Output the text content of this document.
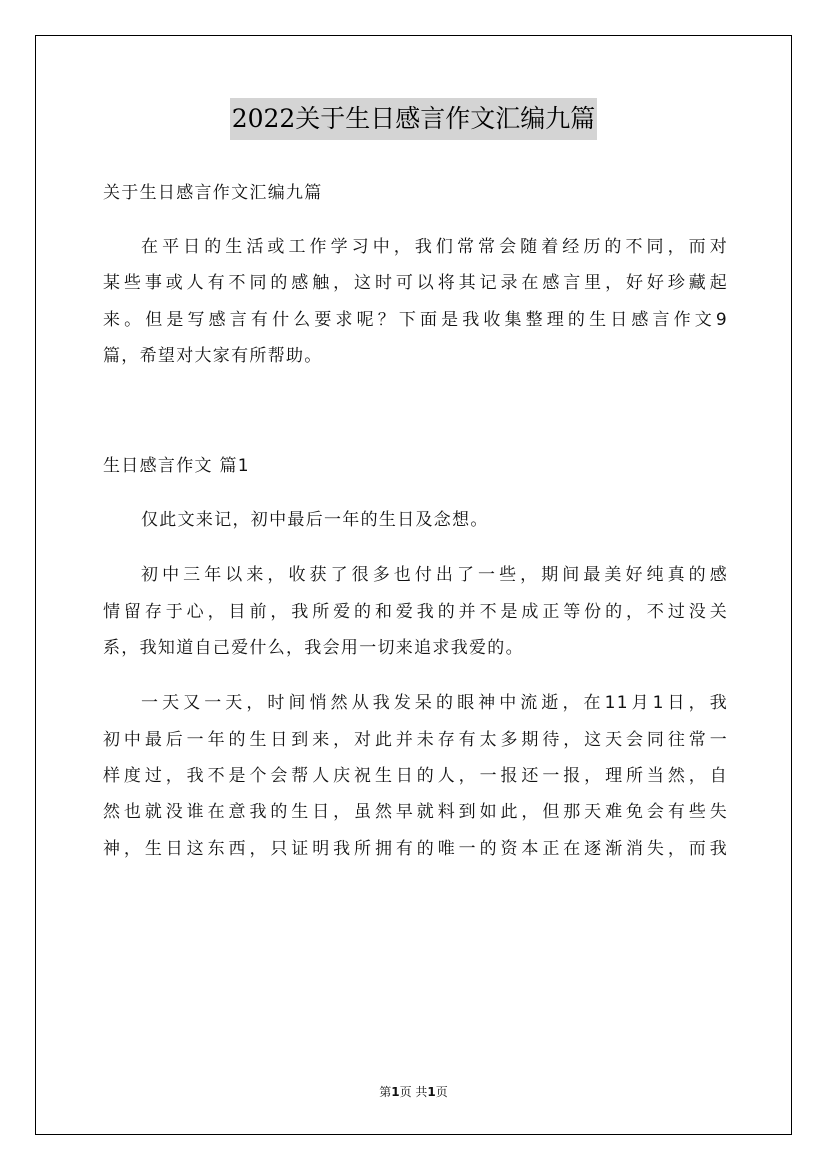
2022关于生日感言作文汇编九篇

关于生日感言作文汇编九篇

在平日的生活或工作学习中，我们常常会随着经历的不同，而对

某些事或人有不同的感触，这时可以将其记录在感言里，好好珍藏起

来。但是写感言有什么要求呢？下面是我收集整理的生日感言作文9

篇，希望对大家有所帮助。

生日感言作文 篇1

仅此文来记，初中最后一年的生日及念想。

初中三年以来，收获了很多也付出了一些，期间最美好纯真的感

情留存于心，目前，我所爱的和爱我的并不是成正等份的，不过没关

系，我知道自己爱什么，我会用一切来追求我爱的。

一天又一天，时间悄然从我发呆的眼神中流逝，在11月1日，我

初中最后一年的生日到来，对此并未存有太多期待，这天会同往常一

样度过，我不是个会帮人庆祝生日的人，一报还一报，理所当然，自

然也就没谁在意我的生日，虽然早就料到如此，但那天难免会有些失

神，生日这东西，只证明我所拥有的唯一的资本正在逐渐消失，而我

第1页 共1页
